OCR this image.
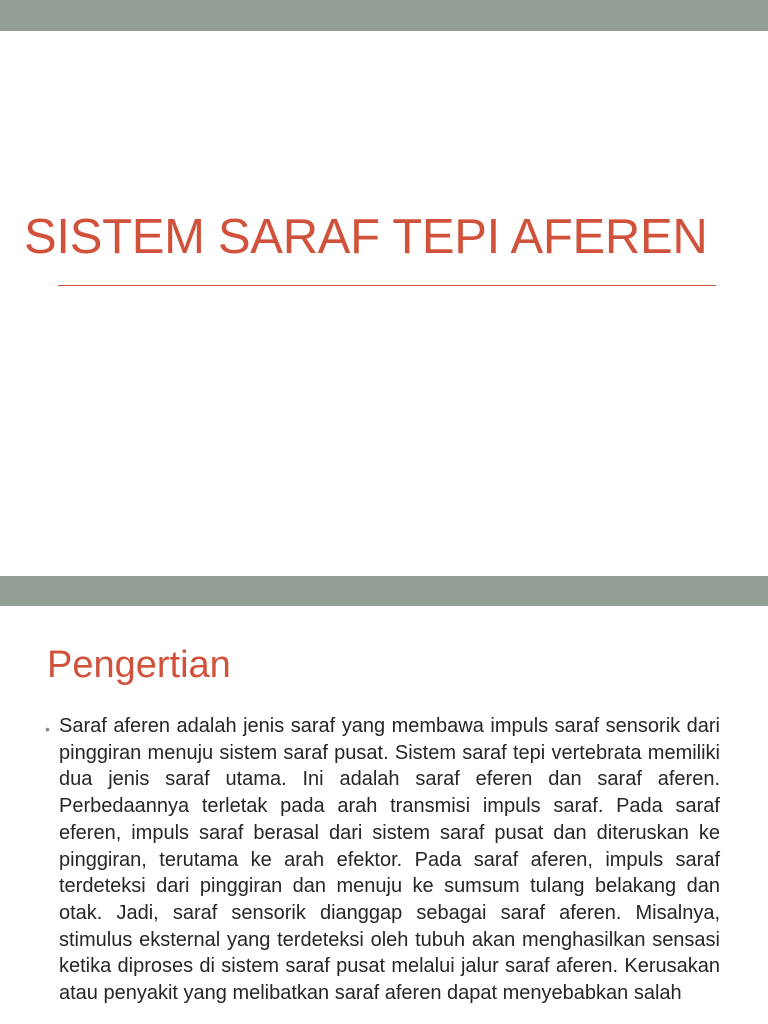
SISTEM SARAF TEPI AFEREN
Pengertian
• Saraf aferen adalah jenis saraf yang membawa impuls saraf sensorik dari pinggiran menuju sistem saraf pusat. Sistem saraf tepi vertebrata memiliki dua jenis saraf utama. Ini adalah saraf eferen dan saraf aferen. Perbedaannya terletak pada arah transmisi impuls saraf. Pada saraf eferen, impuls saraf berasal dari sistem saraf pusat dan diteruskan ke pinggiran, terutama ke arah efektor. Pada saraf aferen, impuls saraf terdeteksi dari pinggiran dan menuju ke sumsum tulang belakang dan otak. Jadi, saraf sensorik dianggap sebagai saraf aferen. Misalnya, stimulus eksternal yang terdeteksi oleh tubuh akan menghasilkan sensasi ketika diproses di sistem saraf pusat melalui jalur saraf aferen. Kerusakan atau penyakit yang melibatkan saraf aferen dapat menyebabkan salah
